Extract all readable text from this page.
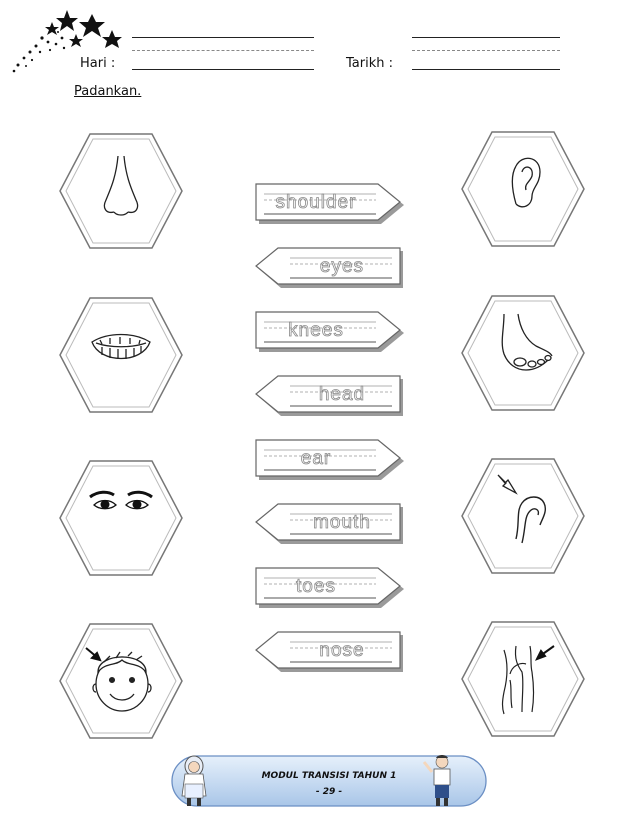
Hari :	Tarikh :
Padankan.
shoulder
eyes
knees
head
ear
mouth
toes
nose
MODUL TRANSISI TAHUN 1
- 29 -
